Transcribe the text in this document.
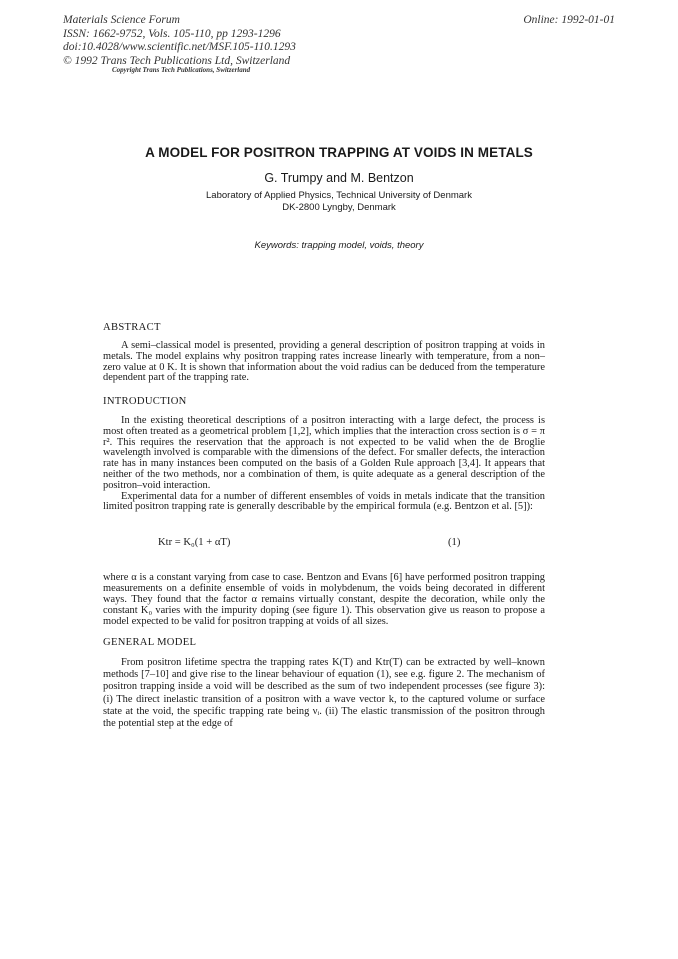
Materials Science Forum
ISSN: 1662-9752, Vols. 105-110, pp 1293-1296
doi:10.4028/www.scientific.net/MSF.105-110.1293
© 1992 Trans Tech Publications Ltd, Switzerland
Online: 1992-01-01
Copyright Trans Tech Publications, Switzerland
A MODEL FOR POSITRON TRAPPING AT VOIDS IN METALS
G. Trumpy and M. Bentzon
Laboratory of Applied Physics, Technical University of Denmark
DK-2800 Lyngby, Denmark
Keywords: trapping model, voids, theory
ABSTRACT

A semi–classical model is presented, providing a general description of positron trapping at voids in metals. The model explains why positron trapping rates increase linearly with temperature, from a non– zero value at 0 K. It is shown that information about the void radius can be deduced from the temperature dependent part of the trapping rate.

INTRODUCTION

In the existing theoretical descriptions of a positron interacting with a large defect, the process is most often treated as a geometrical problem [1,2], which implies that the interaction cross section is σ = π r². This requires the reservation that the approach is not expected to be valid when the de Broglie wavelength involved is comparable with the dimensions of the defect. For smaller defects, the interaction rate has in many instances been computed on the basis of a Golden Rule approach [3,4]. It appears that neither of the two methods, nor a combination of them, is quite adequate as a general description of the positron–void interaction.

Experimental data for a number of different ensembles of voids in metals indicate that the transition limited positron trapping rate is generally describable by the empirical formula (e.g. Bentzon et al. [5]):

Ktr = K₀(1 + αT)	(1)

where α is a constant varying from case to case. Bentzon and Evans [6] have performed positron trapping measurements on a definite ensemble of voids in molybdenum, the voids being decorated in different ways. They found that the factor α remains virtually constant, despite the decoration, while only the constant K₀ varies with the impurity doping (see figure 1). This observation give us reason to propose a model expected to be valid for positron trapping at voids of all sizes.

GENERAL MODEL

From positron lifetime spectra the trapping rates K(T) and Ktr(T) can be extracted by well–known methods [7–10] and give rise to the linear behaviour of equation (1), see e.g. figure 2. The mechanism of positron trapping inside a void will be described as the sum of two independent processes (see figure 3): (i) The direct inelastic transition of a positron with a wave vector k, to the captured volume or surface state at the void, the specific trapping rate being νᵢ. (ii) The elastic transmission of the positron through the potential step at the edge of
